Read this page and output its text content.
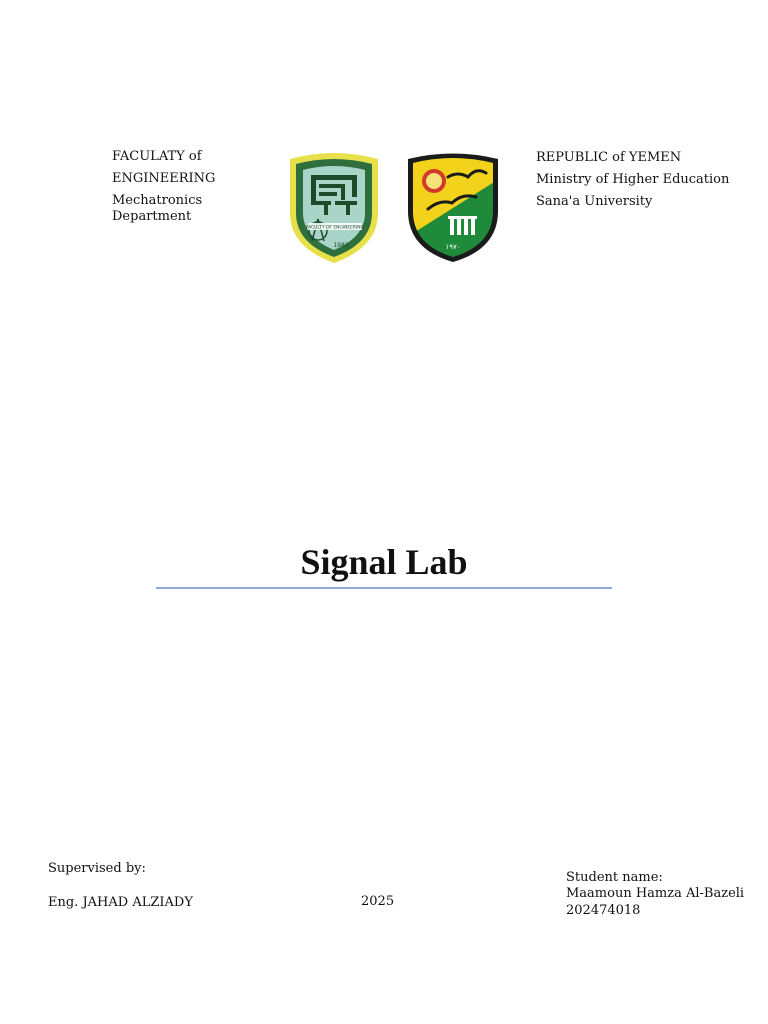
FACULATY of
ENGINEERING
Mechatronics
Department
REPUBLIC of YEMEN
Ministry of Higher Education
Sana'a University
FACULTY OF ENGINEERING
1983	١٩٧٠
Signal Lab
Supervised by:
Eng. JAHAD ALZIADY	2025
Student name:
Maamoun Hamza Al-Bazeli
202474018
